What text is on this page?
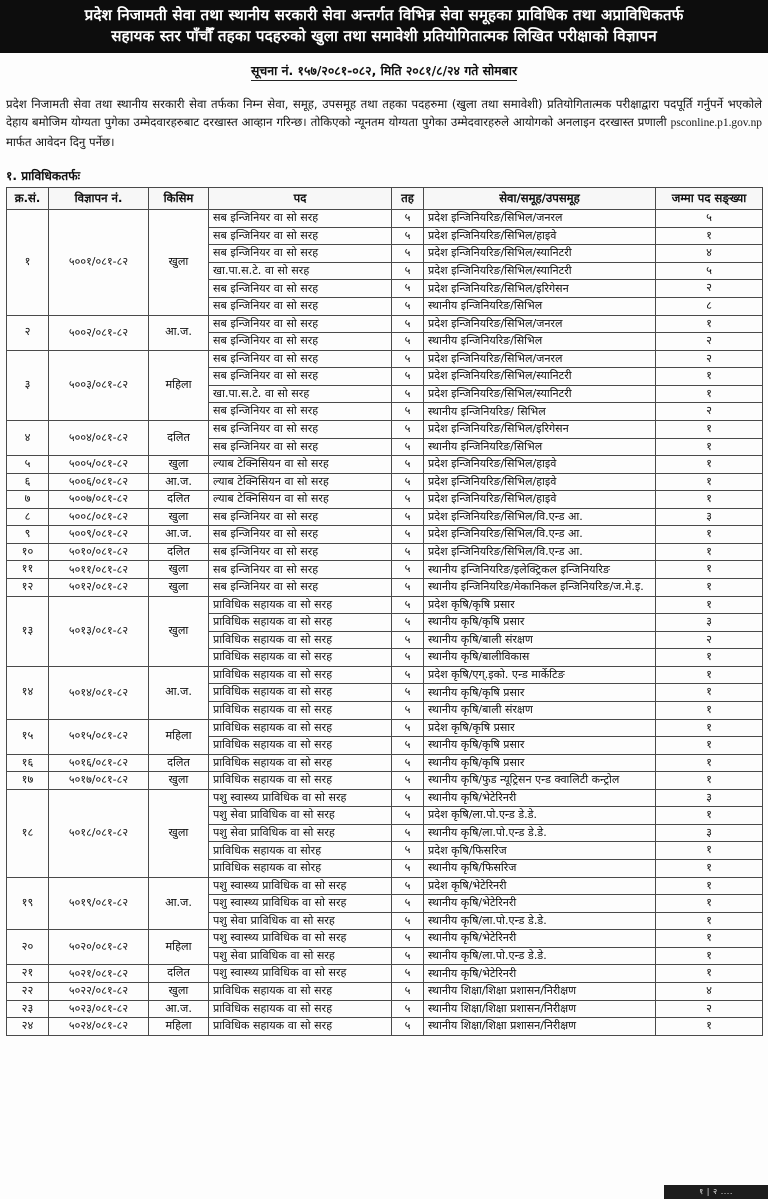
प्रदेश निजामती सेवा तथा स्थानीय सरकारी सेवा अन्तर्गत विभिन्न सेवा समूहका प्राविधिक तथा अप्राविधिकतर्फ
सहायक स्तर पाँचौँ तहका पदहरुको खुला तथा समावेशी प्रतियोगितात्मक लिखित परीक्षाको विज्ञापन
सूचना नं. १५७/२०८१-०८२, मिति २०८१/८/२४ गते सोमबार

प्रदेश निजामती सेवा तथा स्थानीय सरकारी सेवा तर्फका निम्न सेवा, समूह, उपसमूह तथा तहका पदहरुमा (खुला तथा समावेशी) प्रतियोगितात्मक परीक्षाद्वारा पदपूर्ति गर्नुपर्ने भएकोले देहाय बमोजिम योग्यता पुगेका उम्मेदवारहरुबाट दरखास्त आव्हान गरिन्छ। तोकिएको न्यूनतम योग्यता पुगेका उम्मेदवारहरुले आयोगको अनलाइन दरखास्त प्रणाली psconline.p1.gov.np मार्फत आवेदन दिनु पर्नेछ।

१. प्राविधिकतर्फः
क्र.सं.	विज्ञापन नं.	किसिम	पद	तह	सेवा/समूह/उपसमूह	जम्मा पद सङ्ख्या
१	५००१/०८१-८२	खुला	सब इन्जिनियर वा सो सरह	५	प्रदेश इन्जिनियरिङ/सिभिल/जनरल	५
			सब इन्जिनियर वा सो सरह	५	प्रदेश इन्जिनियरिङ/सिभिल/हाइवे	१
			सब इन्जिनियर वा सो सरह	५	प्रदेश इन्जिनियरिङ/सिभिल/स्यानिटरी	४
			खा.पा.स.टे. वा सो सरह	५	प्रदेश इन्जिनियरिङ/सिभिल/स्यानिटरी	५
			सब इन्जिनियर वा सो सरह	५	प्रदेश इन्जिनियरिङ/सिभिल/इरिगेसन	२
			सब इन्जिनियर वा सो सरह	५	स्थानीय इन्जिनियरिङ/सिभिल	८
२	५००२/०८१-८२	आ.ज.	सब इन्जिनियर वा सो सरह	५	प्रदेश इन्जिनियरिङ/सिभिल/जनरल	१
			सब इन्जिनियर वा सो सरह	५	स्थानीय इन्जिनियरिङ/सिभिल	२
३	५००३/०८१-८२	महिला	सब इन्जिनियर वा सो सरह	५	प्रदेश इन्जिनियरिङ/सिभिल/जनरल	२
			सब इन्जिनियर वा सो सरह	५	प्रदेश इन्जिनियरिङ/सिभिल/स्यानिटरी	१
			खा.पा.स.टे. वा सो सरह	५	प्रदेश इन्जिनियरिङ/सिभिल/स्यानिटरी	१
			सब इन्जिनियर वा सो सरह	५	स्थानीय इन्जिनियरिङ/ सिभिल	२
४	५००४/०८१-८२	दलित	सब इन्जिनियर वा सो सरह	५	प्रदेश इन्जिनियरिङ/सिभिल/इरिगेसन	१
			सब इन्जिनियर वा सो सरह	५	स्थानीय इन्जिनियरिङ/सिभिल	१
५	५००५/०८१-८२	खुला	ल्याब टेक्निसियन वा सो सरह	५	प्रदेश इन्जिनियरिङ/सिभिल/हाइवे	१
६	५००६/०८१-८२	आ.ज.	ल्याब टेक्निसियन वा सो सरह	५	प्रदेश इन्जिनियरिङ/सिभिल/हाइवे	१
७	५००७/०८१-८२	दलित	ल्याब टेक्निसियन वा सो सरह	५	प्रदेश इन्जिनियरिङ/सिभिल/हाइवे	१
८	५००८/०८१-८२	खुला	सब इन्जिनियर वा सो सरह	५	प्रदेश इन्जिनियरिङ/सिभिल/वि.एन्ड आ.	३
९	५००९/०८१-८२	आ.ज.	सब इन्जिनियर वा सो सरह	५	प्रदेश इन्जिनियरिङ/सिभिल/वि.एन्ड आ.	१
१०	५०१०/०८१-८२	दलित	सब इन्जिनियर वा सो सरह	५	प्रदेश इन्जिनियरिङ/सिभिल/वि.एन्ड आ.	१
११	५०११/०८१-८२	खुला	सब इन्जिनियर वा सो सरह	५	स्थानीय इन्जिनियरिङ/इलेक्ट्रिकल इन्जिनियरिङ	१
१२	५०१२/०८१-८२	खुला	सब इन्जिनियर वा सो सरह	५	स्थानीय इन्जिनियरिङ/मेकानिकल इन्जिनियरिङ/ज.मे.इ.	१
१३	५०१३/०८१-८२	खुला	प्राविधिक सहायक वा सो सरह	५	प्रदेश कृषि/कृषि प्रसार	१
			प्राविधिक सहायक वा सो सरह	५	स्थानीय कृषि/कृषि प्रसार	३
			प्राविधिक सहायक वा सो सरह	५	स्थानीय कृषि/बाली संरक्षण	२
			प्राविधिक सहायक वा सो सरह	५	स्थानीय कृषि/बालीविकास	१
१४	५०१४/०८१-८२	आ.ज.	प्राविधिक सहायक वा सो सरह	५	प्रदेश कृषि/एग्.इको. एन्ड मार्केटिङ	१
			प्राविधिक सहायक वा सो सरह	५	स्थानीय कृषि/कृषि प्रसार	१
			प्राविधिक सहायक वा सो सरह	५	स्थानीय कृषि/बाली संरक्षण	१
१५	५०१५/०८१-८२	महिला	प्राविधिक सहायक वा सो सरह	५	प्रदेश कृषि/कृषि प्रसार	१
			प्राविधिक सहायक वा सो सरह	५	स्थानीय कृषि/कृषि प्रसार	१
१६	५०१६/०८१-८२	दलित	प्राविधिक सहायक वा सो सरह	५	स्थानीय कृषि/कृषि प्रसार	१
१७	५०१७/०८१-८२	खुला	प्राविधिक सहायक वा सो सरह	५	स्थानीय कृषि/फुड न्यूट्रिसन एन्ड क्वालिटी कन्ट्रोल	१
१८	५०१८/०८१-८२	खुला	पशु स्वास्थ्य प्राविधिक वा सो सरह	५	स्थानीय कृषि/भेटेरिनरी	३
			पशु सेवा प्राविधिक वा सो सरह	५	प्रदेश कृषि/ला.पो.एन्ड डे.डे.	१
			पशु सेवा प्राविधिक वा सो सरह	५	स्थानीय कृषि/ला.पो.एन्ड डे.डे.	३
			प्राविधिक सहायक वा सोरह	५	प्रदेश कृषि/फिसरिज	१
			प्राविधिक सहायक वा सोरह	५	स्थानीय कृषि/फिसरिज	१
१९	५०१९/०८१-८२	आ.ज.	पशु स्वास्थ्य प्राविधिक वा सो सरह	५	प्रदेश कृषि/भेटेरिनरी	१
			पशु स्वास्थ्य प्राविधिक वा सो सरह	५	स्थानीय कृषि/भेटेरिनरी	१
			पशु सेवा प्राविधिक वा सो सरह	५	स्थानीय कृषि/ला.पो.एन्ड डे.डे.	१
२०	५०२०/०८१-८२	महिला	पशु स्वास्थ्य प्राविधिक वा सो सरह	५	स्थानीय कृषि/भेटेरिनरी	१
			पशु सेवा प्राविधिक वा सो सरह	५	स्थानीय कृषि/ला.पो.एन्ड डे.डे.	१
२१	५०२१/०८१-८२	दलित	पशु स्वास्थ्य प्राविधिक वा सो सरह	५	स्थानीय कृषि/भेटेरिनरी	१
२२	५०२२/०८१-८२	खुला	प्राविधिक सहायक वा सो सरह	५	स्थानीय शिक्षा/शिक्षा प्रशासन/निरीक्षण	४
२३	५०२३/०८१-८२	आ.ज.	प्राविधिक सहायक वा सो सरह	५	स्थानीय शिक्षा/शिक्षा प्रशासन/निरीक्षण	२
२४	५०२४/०८१-८२	महिला	प्राविधिक सहायक वा सो सरह	५	स्थानीय शिक्षा/शिक्षा प्रशासन/निरीक्षण	१
१ | २ ....
